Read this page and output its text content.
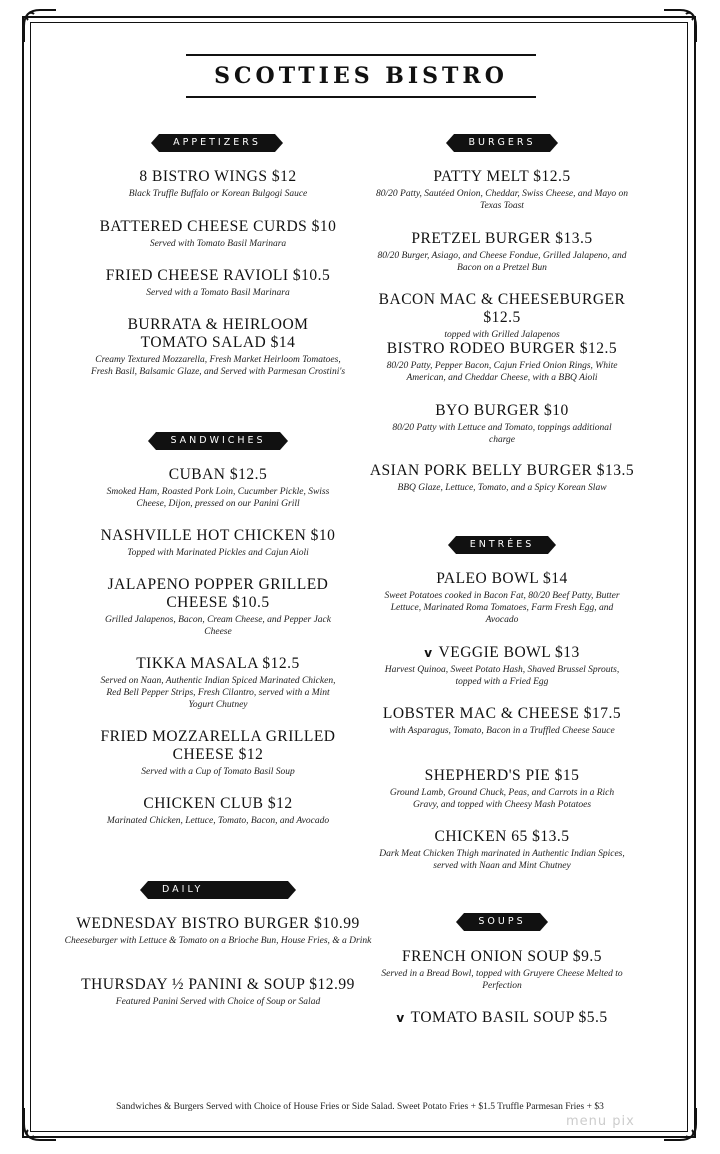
SCOTTIES BISTRO
APPETIZERS
8 BISTRO WINGS $12
Black Truffle Buffalo or Korean Bulgogi Sauce
BATTERED CHEESE CURDS $10
Served with Tomato Basil Marinara
FRIED CHEESE RAVIOLI $10.5
Served with a Tomato Basil Marinara
BURRATA & HEIRLOOM TOMATO SALAD $14
Creamy Textured Mozzarella, Fresh Market Heirloom Tomatoes, Fresh Basil, Balsamic Glaze, and Served with Parmesan Crostini's
SANDWICHES
CUBAN $12.5
Smoked Ham, Roasted Pork Loin, Cucumber Pickle, Swiss Cheese, Dijon, pressed on our Panini Grill
NASHVILLE HOT CHICKEN $10
Topped with Marinated Pickles and Cajun Aioli
JALAPENO POPPER GRILLED CHEESE $10.5
Grilled Jalapenos, Bacon, Cream Cheese, and Pepper Jack Cheese
TIKKA MASALA $12.5
Served on Naan, Authentic Indian Spiced Marinated Chicken, Red Bell Pepper Strips, Fresh Cilantro, served with a Mint Yogurt Chutney
FRIED MOZZARELLA GRILLED CHEESE $12
Served with a Cup of Tomato Basil Soup
CHICKEN CLUB $12
Marinated Chicken, Lettuce, Tomato, Bacon, and Avocado
DAILY SPECIALS
WEDNESDAY BISTRO BURGER $10.99
Cheeseburger with Lettuce & Tomato on a Brioche Bun, House Fries, & a Drink
THURSDAY ½ PANINI & SOUP $12.99
Featured Panini Served with Choice of Soup or Salad
BURGERS
PATTY MELT $12.5
80/20 Patty, Sautéed Onion, Cheddar, Swiss Cheese, and Mayo on Texas Toast
PRETZEL BURGER $13.5
80/20 Burger, Asiago, and Cheese Fondue, Grilled Jalapeno, and Bacon on a Pretzel Bun
BACON MAC & CHEESEBURGER $12.5
topped with Grilled Jalapenos
BISTRO RODEO BURGER $12.5
80/20 Patty, Pepper Bacon, Cajun Fried Onion Rings, White American, and Cheddar Cheese, with a BBQ Aioli
BYO BURGER $10
80/20 Patty with Lettuce and Tomato, toppings additional charge
ASIAN PORK BELLY BURGER $13.5
BBQ Glaze, Lettuce, Tomato, and a Spicy Korean Slaw
ENTRÉES
PALEO BOWL $14
Sweet Potatoes cooked in Bacon Fat, 80/20 Beef Patty, Butter Lettuce, Marinated Roma Tomatoes, Farm Fresh Egg, and Avocado
v VEGGIE BOWL $13
Harvest Quinoa, Sweet Potato Hash, Shaved Brussel Sprouts, topped with a Fried Egg
LOBSTER MAC & CHEESE $17.5
with Asparagus, Tomato, Bacon in a Truffled Cheese Sauce
SHEPHERD'S PIE $15
Ground Lamb, Ground Chuck, Peas, and Carrots in a Rich Gravy, and topped with Cheesy Mash Potatoes
CHICKEN 65 $13.5
Dark Meat Chicken Thigh marinated in Authentic Indian Spices, served with Naan and Mint Chutney
SOUPS
FRENCH ONION SOUP $9.5
Served in a Bread Bowl, topped with Gruyere Cheese Melted to Perfection
v TOMATO BASIL SOUP $5.5
Sandwiches & Burgers Served with Choice of House Fries or Side Salad. Sweet Potato Fries + $1.5 Truffle Parmesan Fries + $3
menu pix
